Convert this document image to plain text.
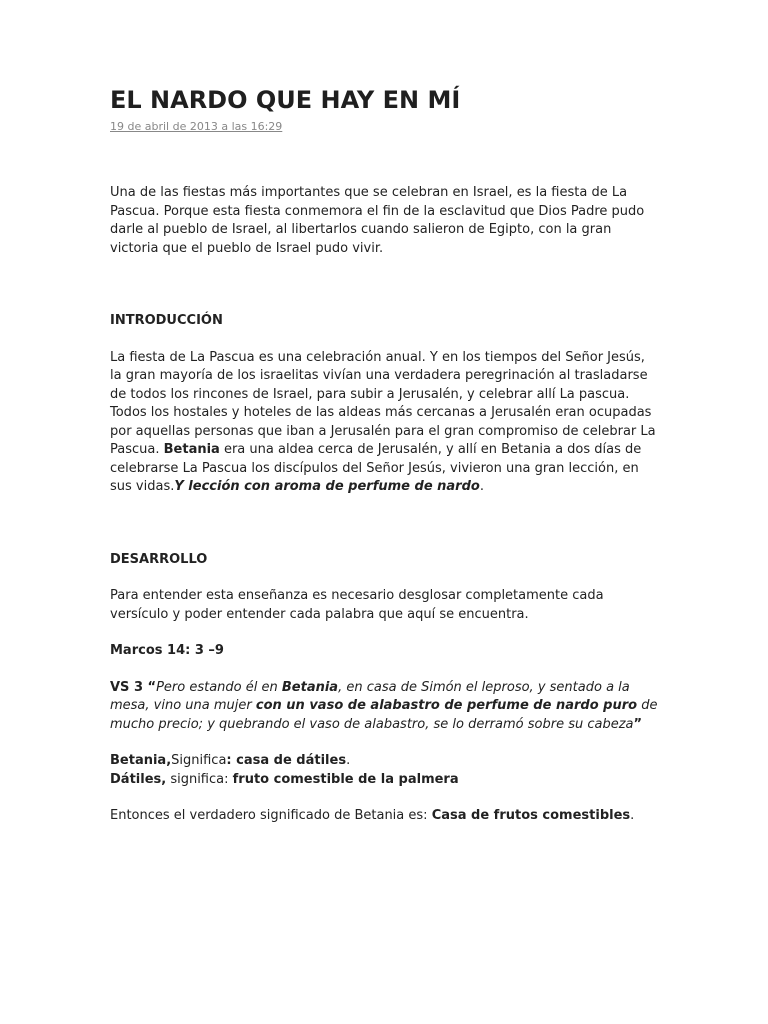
EL NARDO QUE HAY EN MÍ
19 de abril de 2013 a las 16:29

Una de las fiestas más importantes que se celebran en Israel, es la fiesta de La Pascua. Porque esta fiesta conmemora el fin de la esclavitud que Dios Padre pudo darle al pueblo de Israel, al libertarlos cuando salieron de Egipto, con la gran victoria que el pueblo de Israel pudo vivir.

INTRODUCCIÓN

La fiesta de La Pascua es una celebración anual. Y en los tiempos del Señor Jesús, la gran mayoría de los israelitas vivían una verdadera peregrinación al trasladarse de todos los rincones de Israel, para subir a Jerusalén, y celebrar allí La pascua. Todos los hostales y hoteles de las aldeas más cercanas a Jerusalén eran ocupadas por aquellas personas que iban a Jerusalén para el gran compromiso de celebrar La Pascua. Betania era una aldea cerca de Jerusalén, y allí en Betania a dos días de celebrarse La Pascua los discípulos del Señor Jesús, vivieron una gran lección, en sus vidas.Y lección con aroma de perfume de nardo.

DESARROLLO

Para entender esta enseñanza es necesario desglosar completamente cada versículo y poder entender cada palabra que aquí se encuentra.

Marcos 14: 3 –9

VS 3 “Pero estando él en Betania, en casa de Simón el leproso, y sentado a la mesa, vino una mujer con un vaso de alabastro de perfume de nardo puro de mucho precio; y quebrando el vaso de alabastro, se lo derramó sobre su cabeza”

Betania,Significa: casa de dátiles.
Dátiles, significa: fruto comestible de la palmera

Entonces el verdadero significado de Betania es: Casa de frutos comestibles.
